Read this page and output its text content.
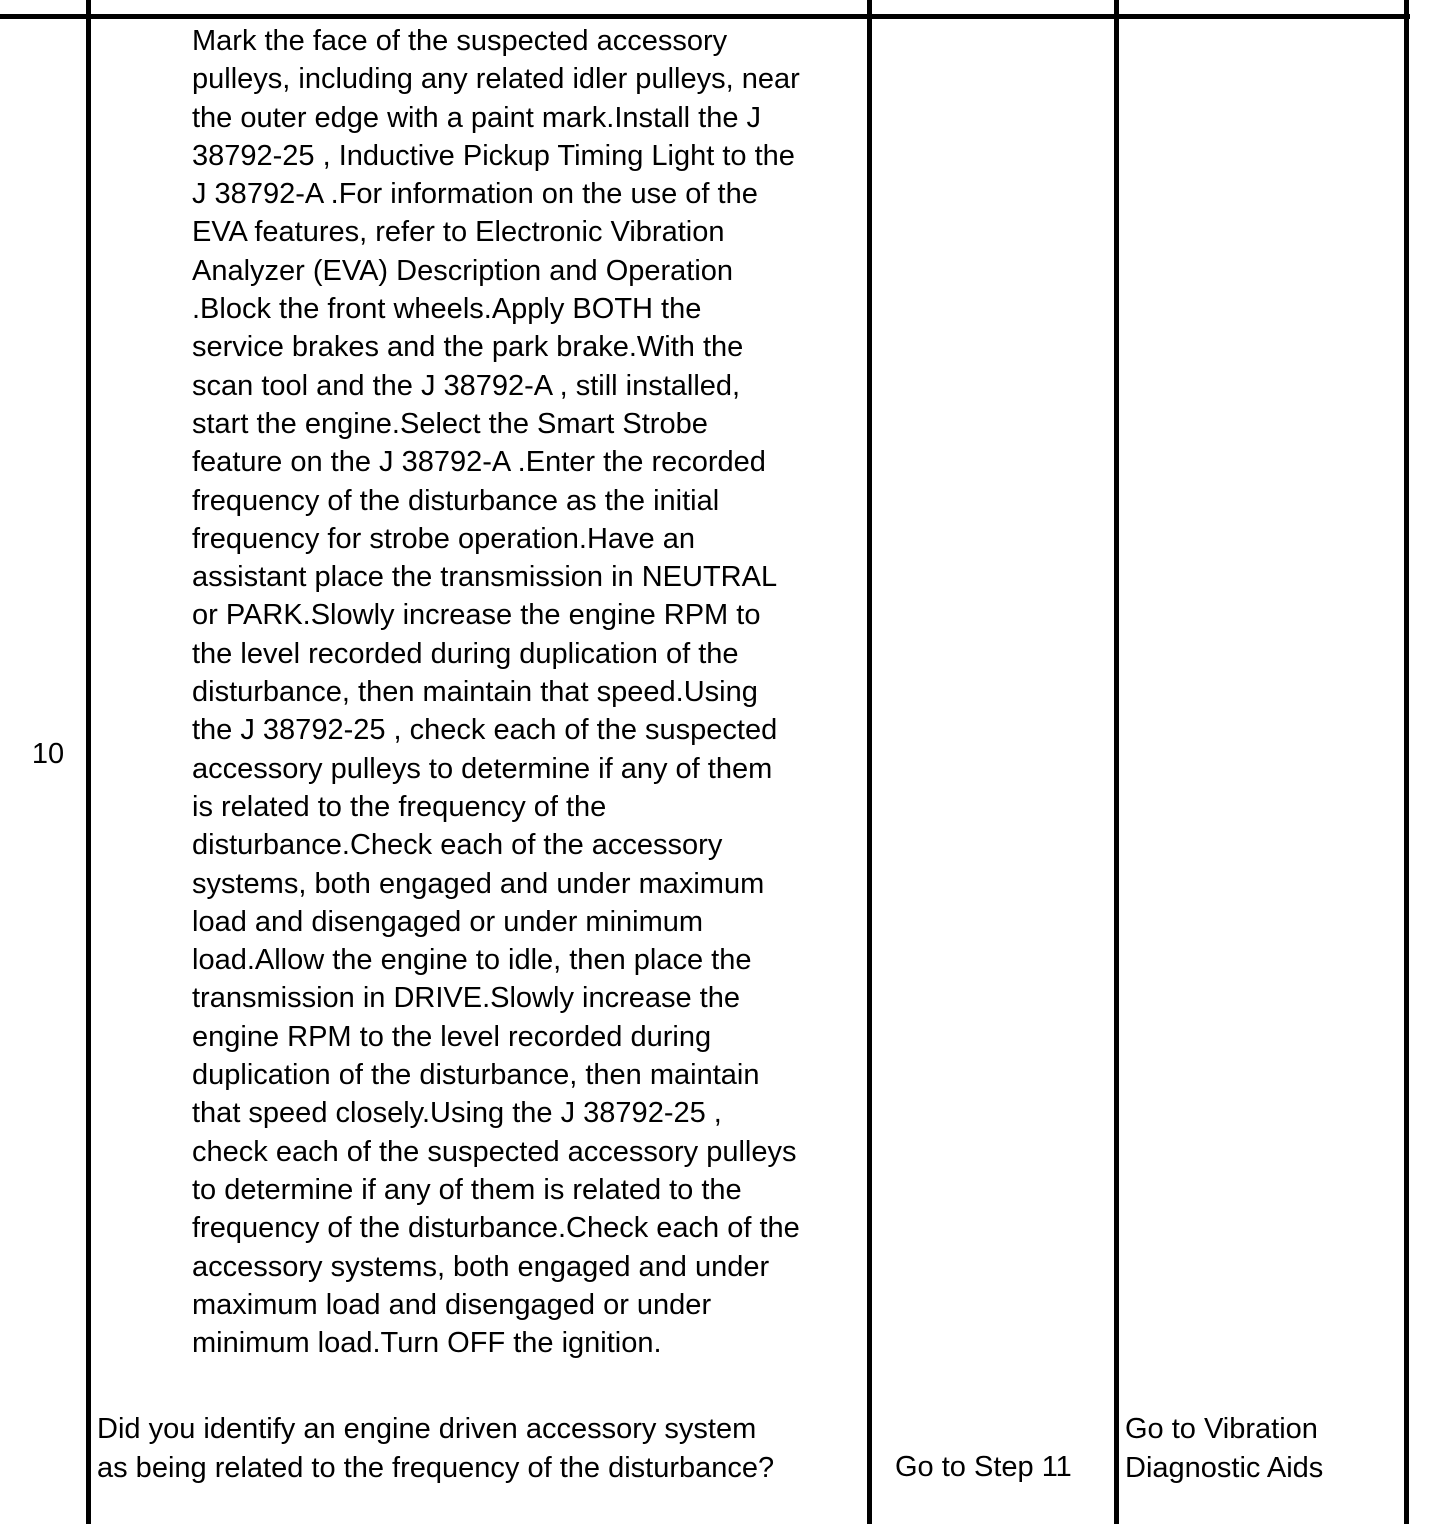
10
Mark the face of the suspected accessory
pulleys, including any related idler pulleys, near
the outer edge with a paint mark.Install the J
38792-25 , Inductive Pickup Timing Light to the
J 38792-A .For information on the use of the
EVA features, refer to Electronic Vibration
Analyzer (EVA) Description and Operation
.Block the front wheels.Apply BOTH the
service brakes and the park brake.With the
scan tool and the J 38792-A , still installed,
start the engine.Select the Smart Strobe
feature on the J 38792-A .Enter the recorded
frequency of the disturbance as the initial
frequency for strobe operation.Have an
assistant place the transmission in NEUTRAL
or PARK.Slowly increase the engine RPM to
the level recorded during duplication of the
disturbance, then maintain that speed.Using
the J 38792-25 , check each of the suspected
accessory pulleys to determine if any of them
is related to the frequency of the
disturbance.Check each of the accessory
systems, both engaged and under maximum
load and disengaged or under minimum
load.Allow the engine to idle, then place the
transmission in DRIVE.Slowly increase the
engine RPM to the level recorded during
duplication of the disturbance, then maintain
that speed closely.Using the J 38792-25 ,
check each of the suspected accessory pulleys
to determine if any of them is related to the
frequency of the disturbance.Check each of the
accessory systems, both engaged and under
maximum load and disengaged or under
minimum load.Turn OFF the ignition.
Did you identify an engine driven accessory system
as being related to the frequency of the disturbance?	Go to Step 11
Go to Vibration
Diagnostic Aids
